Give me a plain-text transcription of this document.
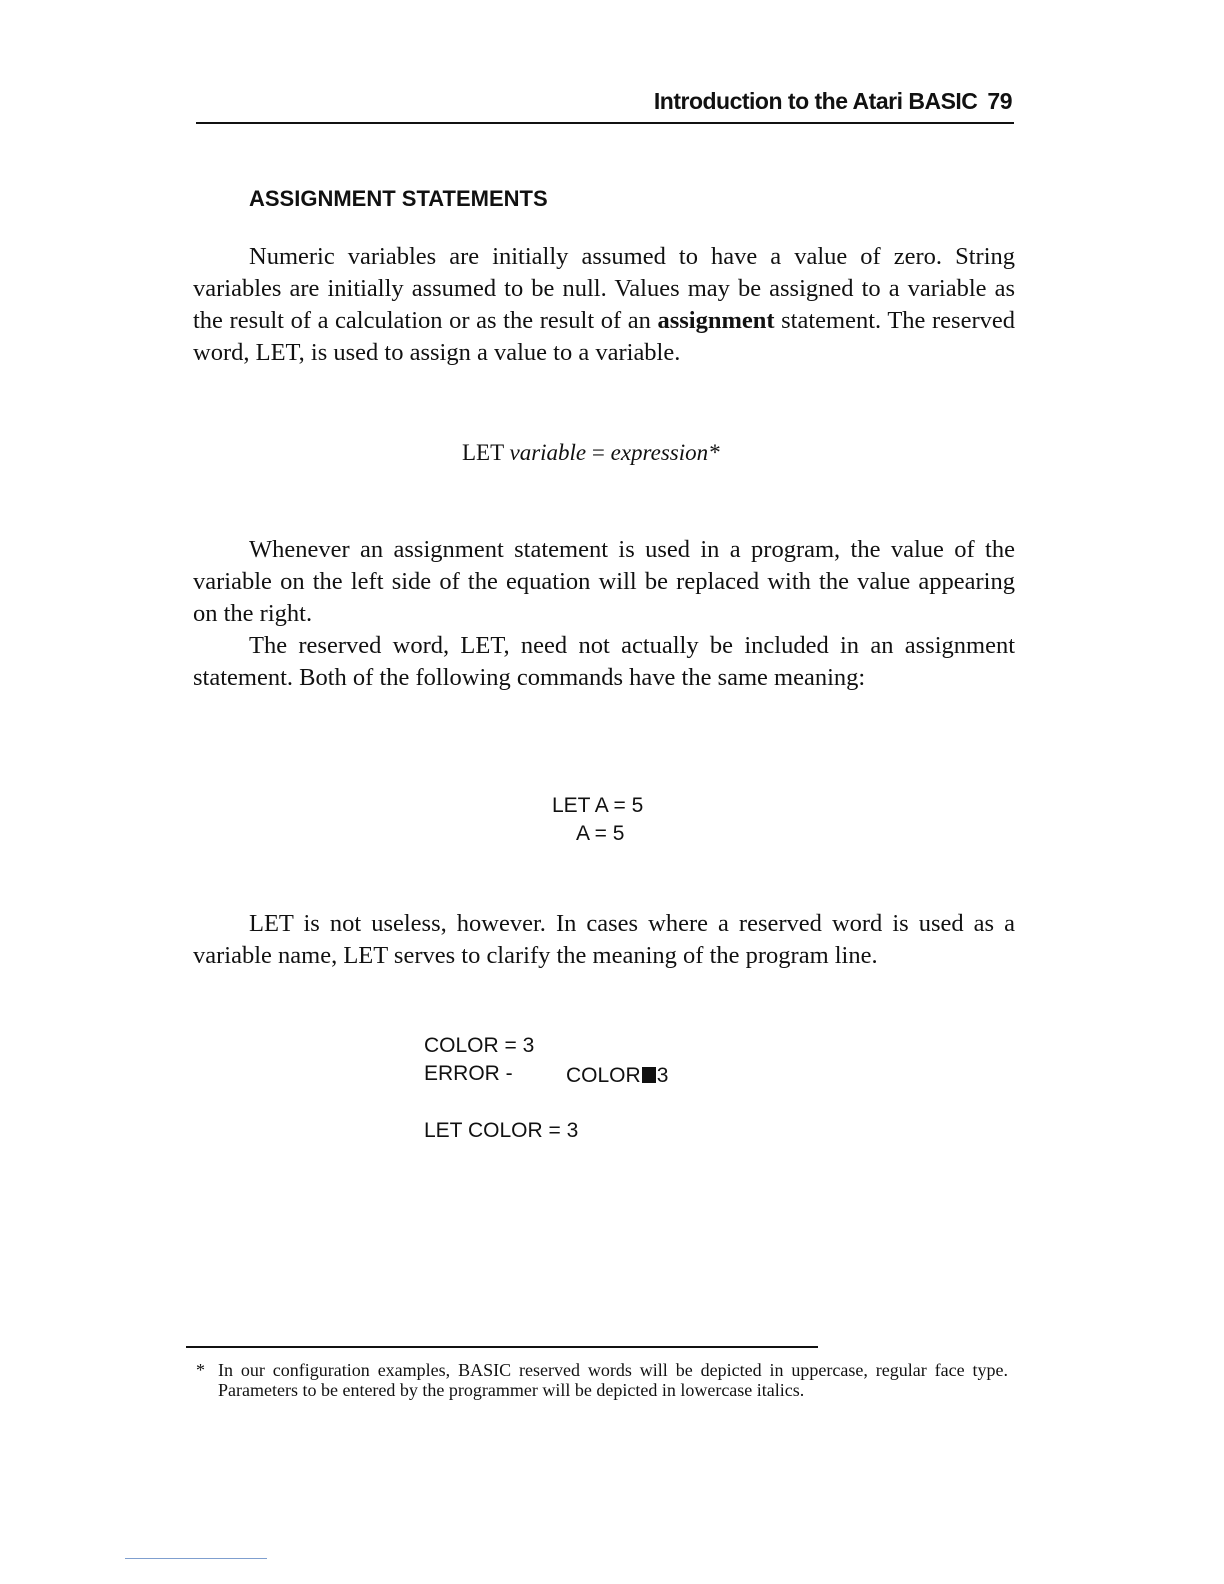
Introduction to the Atari BASIC 79
ASSIGNMENT STATEMENTS

Numeric variables are initially assumed to have a value of zero. String variables are initially assumed to be null. Values may be assigned to a variable as the result of a calculation or as the result of an assignment statement. The reserved word, LET, is used to assign a value to a variable.

LET variable = expression*

Whenever an assignment statement is used in a program, the value of the variable on the left side of the equation will be replaced with the value appearing on the right.

The reserved word, LET, need not actually be included in an assignment statement. Both of the following commands have the same meaning:

LET A = 5
A = 5

LET is not useless, however. In cases where a reserved word is used as a variable name, LET serves to clarify the meaning of the program line.

COLOR = 3
ERROR -	COLOR 3
LET COLOR = 3

* In our configuration examples, BASIC reserved words will be depicted in uppercase, regular face type. Parameters to be entered by the programmer will be depicted in lowercase italics.
